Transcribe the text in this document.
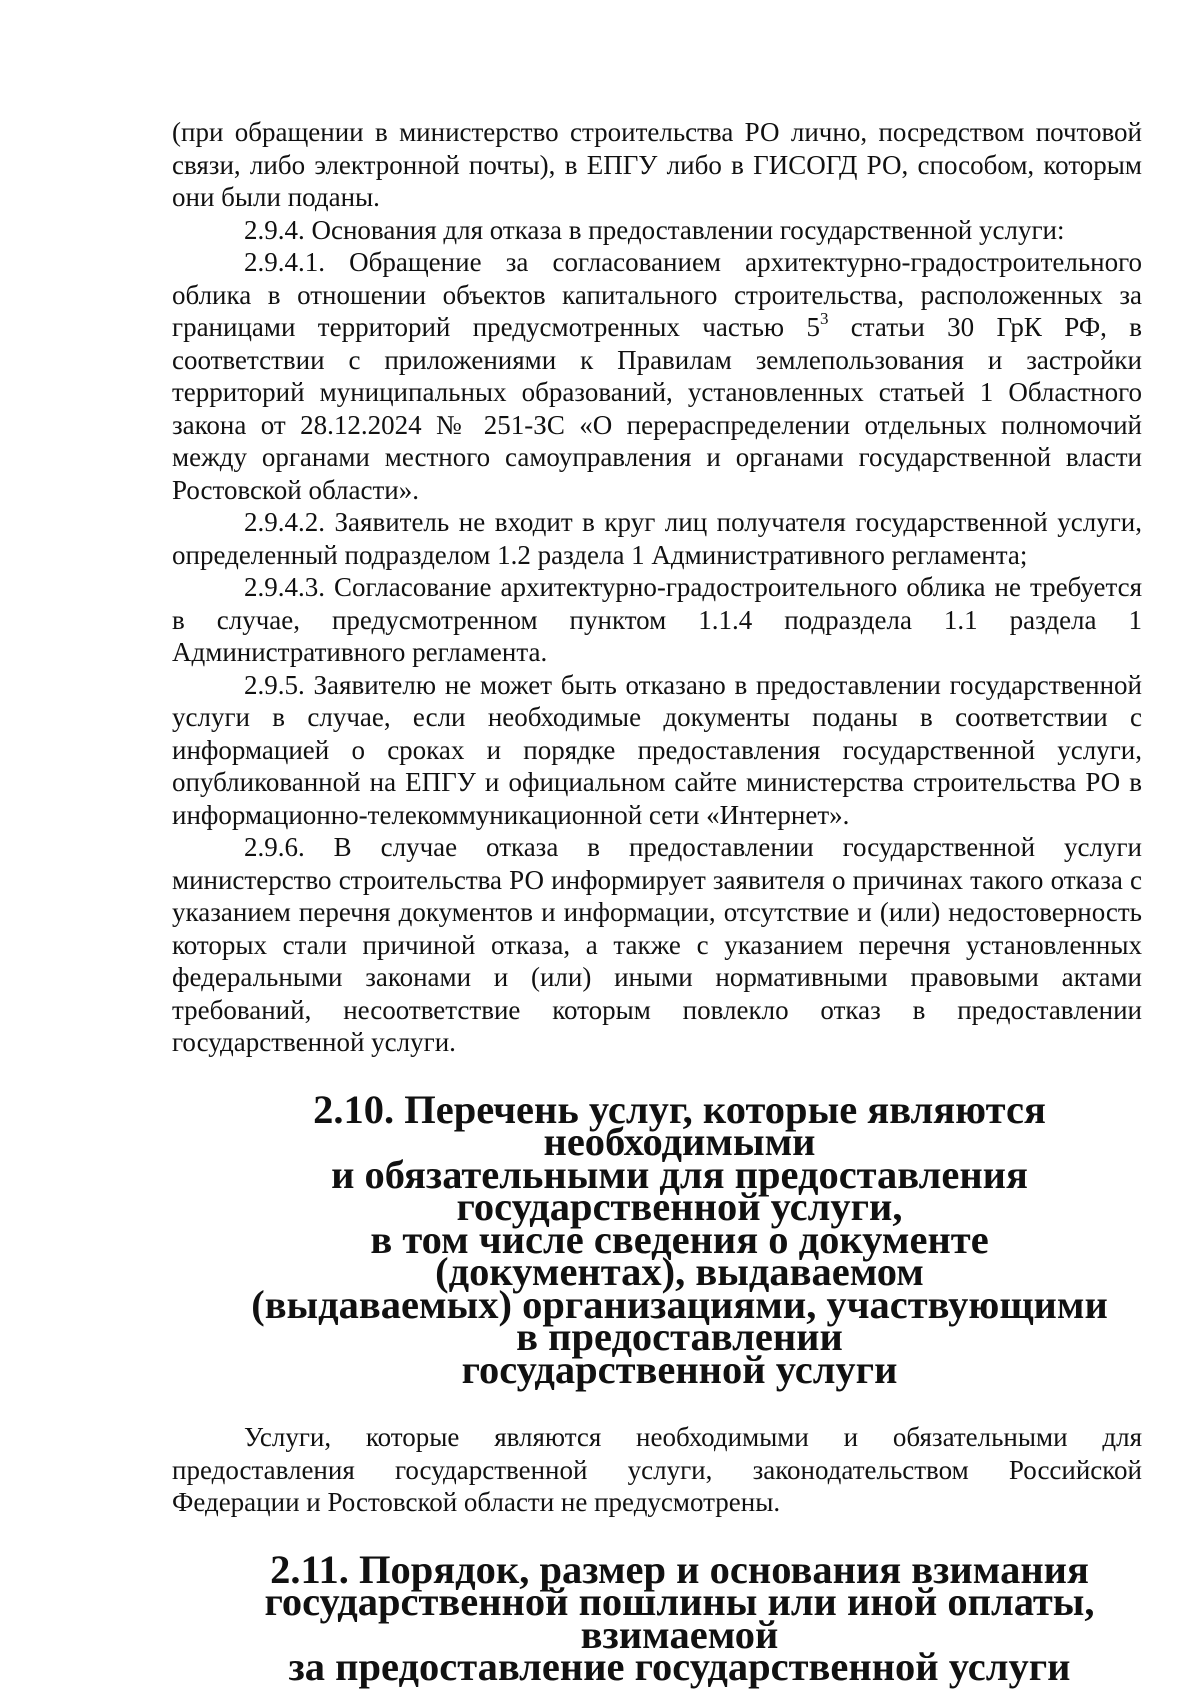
(при обращении в министерство строительства РО лично, посредством почтовой связи, либо электронной почты), в ЕПГУ либо в ГИСОГД РО, способом, которым они были поданы.

2.9.4. Основания для отказа в предоставлении государственной услуги:

2.9.4.1. Обращение за согласованием архитектурно-градостроительного облика в отношении объектов капитального строительства, расположенных за границами территорий предусмотренных частью $5^3$ статьи 30 ГрК РФ, в соответствии с приложениями к Правилам землепользования и застройки территорий муниципальных образований, установленных статьей 1 Областного закона от 28.12.2024 № 251-ЗС «О перераспределении отдельных полномочий между органами местного самоуправления и органами государственной власти Ростовской области».

2.9.4.2. Заявитель не входит в круг лиц получателя государственной услуги, определенный подразделом 1.2 раздела 1 Административного регламента;

2.9.4.3. Согласование архитектурно-градостроительного облика не требуется в случае, предусмотренном пунктом 1.1.4 подраздела 1.1 раздела 1 Административного регламента.

2.9.5. Заявителю не может быть отказано в предоставлении государственной услуги в случае, если необходимые документы поданы в соответствии с информацией о сроках и порядке предоставления государственной услуги, опубликованной на ЕПГУ и официальном сайте министерства строительства РО в информационно-телекоммуникационной сети «Интернет».

2.9.6. В случае отказа в предоставлении государственной услуги министерство строительства РО информирует заявителя о причинах такого отказа с указанием перечня документов и информации, отсутствие и (или) недостоверность которых стали причиной отказа, а также с указанием перечня установленных федеральными законами и (или) иными нормативными правовыми актами требований, несоответствие которым повлекло отказ в предоставлении государственной услуги.

2.10. Перечень услуг, которые являются необходимыми
и обязательными для предоставления государственной услуги,
в том числе сведения о документе (документах), выдаваемом
(выдаваемых) организациями, участвующими в предоставлении
государственной услуги

Услуги, которые являются необходимыми и обязательными для предоставления государственной услуги, законодательством Российской Федерации и Ростовской области не предусмотрены.

2.11. Порядок, размер и основания взимания
государственной пошлины или иной оплаты, взимаемой
за предоставление государственной услуги
